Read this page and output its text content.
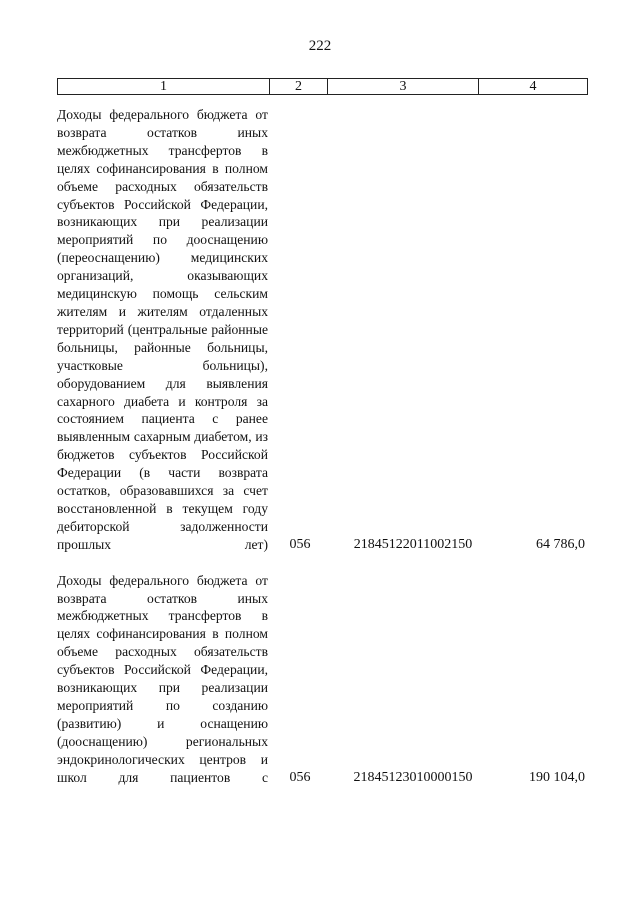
222
1	2	3	4
Доходы федерального бюджета от возврата остатков иных межбюджетных трансфертов в целях софинансирования в полном объеме расходных обязательств субъектов Российской Федерации, возникающих при реализации мероприятий по дооснащению (переоснащению) медицинских организаций, оказывающих медицинскую помощь сельским жителям и жителям отдаленных территорий (центральные районные больницы, районные больницы, участковые больницы), оборудованием для выявления сахарного диабета и контроля за состоянием пациента с ранее выявленным сахарным диабетом, из бюджетов субъектов Российской Федерации (в части возврата остатков, образовавшихся за счет восстановленной в текущем году дебиторской задолженности прошлых лет)	056	21845122011002150	64 786,0
Доходы федерального бюджета от возврата остатков иных межбюджетных трансфертов в целях софинансирования в полном объеме расходных обязательств субъектов Российской Федерации, возникающих при реализации мероприятий по созданию (развитию) и оснащению (дооснащению) региональных эндокринологических центров и школ для пациентов с	056	21845123010000150	190 104,0
